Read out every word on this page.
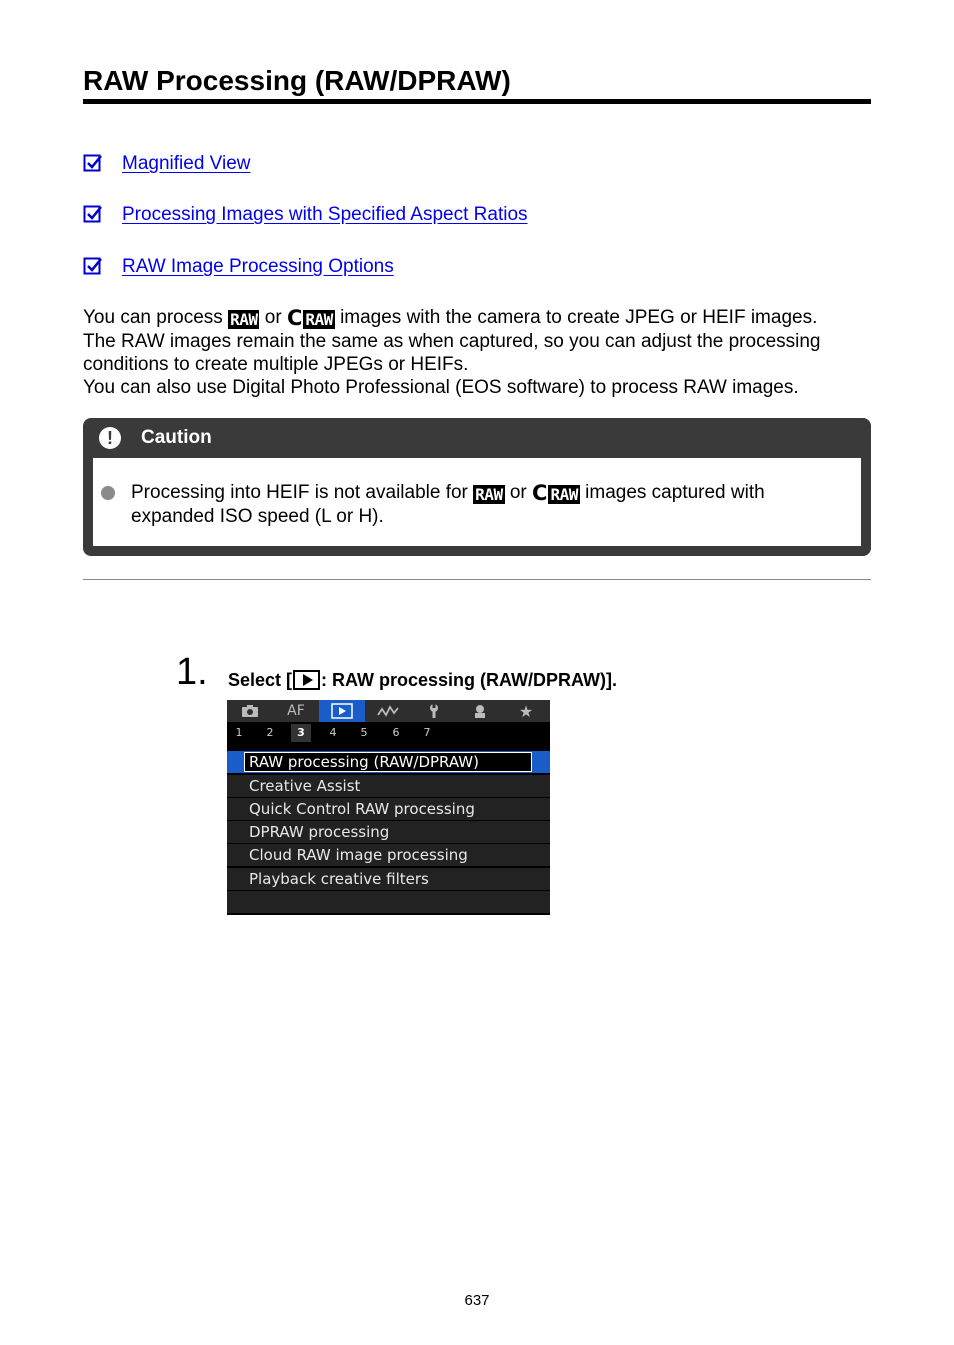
RAW Processing (RAW/DPRAW)
Magnified View
Processing Images with Specified Aspect Ratios
RAW Image Processing Options

You can process RAW or C RAW images with the camera to create JPEG or HEIF images.

The RAW images remain the same as when captured, so you can adjust the processing conditions to create multiple JPEGs or HEIFs.

You can also use Digital Photo Professional (EOS software) to process RAW images.

! Caution
Processing into HEIF is not available for RAW or C RAW images captured with expanded ISO speed (L or H).
1. Select [ : RAW processing (RAW/DPRAW)].
AF	★
1	2	3	4	5	6	7
RAW processing (RAW/DPRAW)
Creative Assist
Quick Control RAW processing
DPRAW processing
Cloud RAW image processing
Playback creative filters
637
